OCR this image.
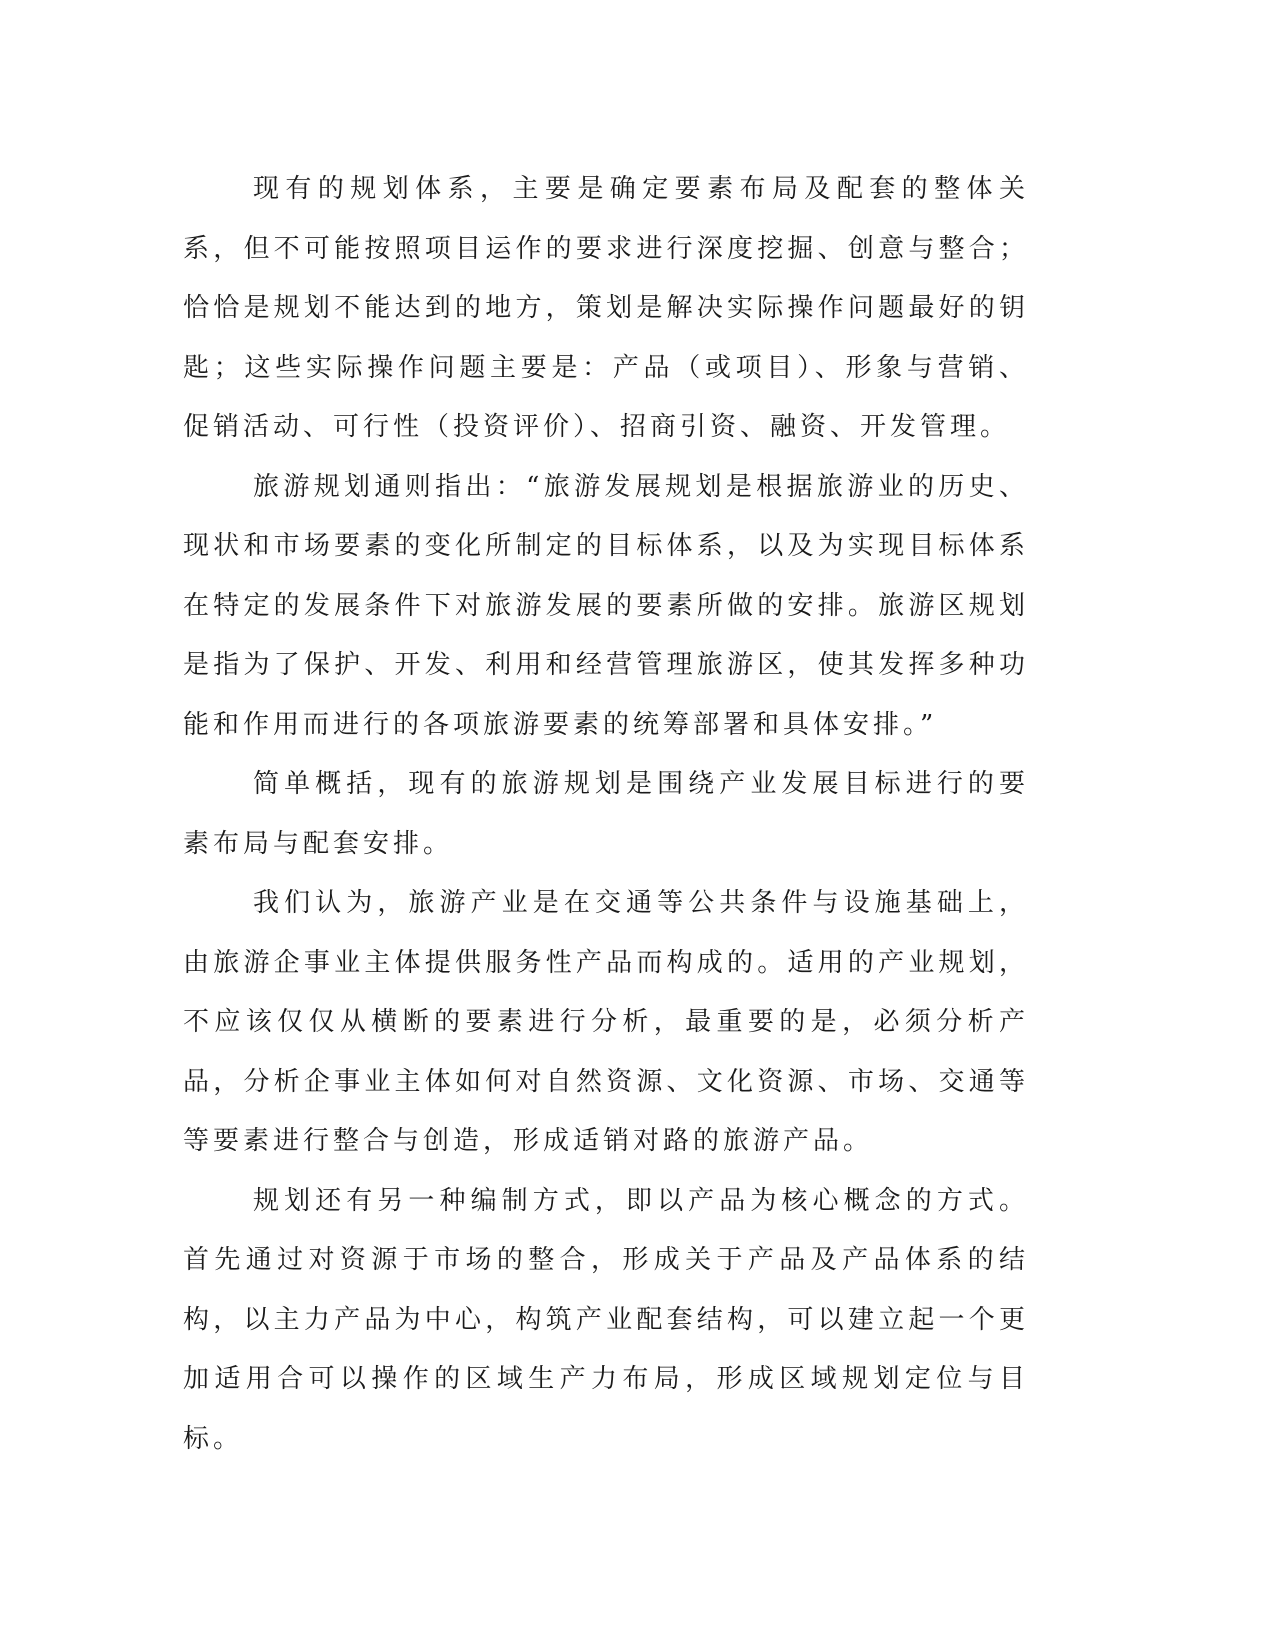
现有的规划体系，主要是确定要素布局及配套的整体关系，但不可能按照项目运作的要求进行深度挖掘、创意与整合；恰恰是规划不能达到的地方，策划是解决实际操作问题最好的钥匙；这些实际操作问题主要是：产品（或项目）、形象与营销、促销活动、可行性（投资评价）、招商引资、融资、开发管理。

旅游规划通则指出：“旅游发展规划是根据旅游业的历史、现状和市场要素的变化所制定的目标体系，以及为实现目标体系在特定的发展条件下对旅游发展的要素所做的安排。旅游区规划是指为了保护、开发、利用和经营管理旅游区，使其发挥多种功能和作用而进行的各项旅游要素的统筹部署和具体安排。”

简单概括，现有的旅游规划是围绕产业发展目标进行的要素布局与配套安排。

我们认为，旅游产业是在交通等公共条件与设施基础上，由旅游企事业主体提供服务性产品而构成的。适用的产业规划，不应该仅仅从横断的要素进行分析，最重要的是，必须分析产品，分析企事业主体如何对自然资源、文化资源、市场、交通等等要素进行整合与创造，形成适销对路的旅游产品。

规划还有另一种编制方式，即以产品为核心概念的方式。首先通过对资源于市场的整合，形成关于产品及产品体系的结构，以主力产品为中心，构筑产业配套结构，可以建立起一个更加适用合可以操作的区域生产力布局，形成区域规划定位与目标。
